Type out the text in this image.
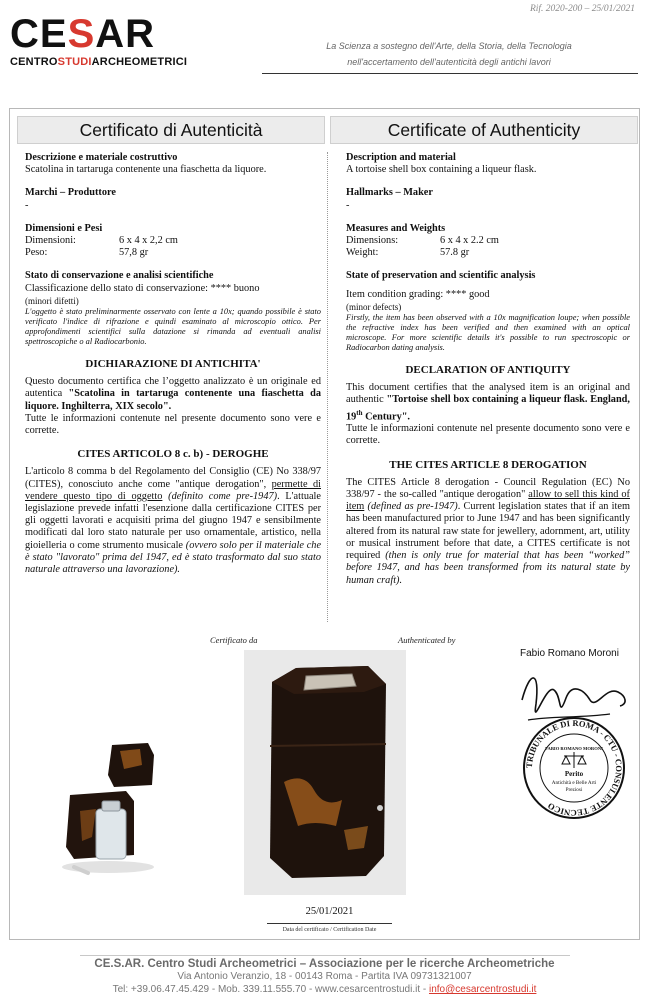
Rif. 2020-200 – 25/01/2021
CESAR
CENTROSTUDIARCHEOMETRICI
La Scienza a sostegno dell'Arte, della Storia, della Tecnologia
nell'accertamento dell'autenticità degli antichi lavori
Certificato di Autenticità	Certificate of Authenticity
Descrizione e materiale costruttivo
Scatolina in tartaruga contenente una fiaschetta da liquore.
Marchi – Produttore
-
Dimensioni e Pesi
Dimensioni:	6 x 4 x 2,2 cm
Peso:	57,8 gr
Stato di conservazione e analisi scientifiche
Classificazione dello stato di conservazione: **** buono
(minori difetti)
L'oggetto è stato preliminarmente osservato con lente a 10x; quando possibile è stato verificato l'indice di rifrazione e quindi esaminato al microscopio ottico. Per approfondimenti scientifici sulla datazione si rimanda ad eventuali analisi spettroscopiche o al Radiocarbonio.
DICHIARAZIONE DI ANTICHITA'
Questo documento certifica che l’oggetto analizzato è un originale ed autentica "Scatolina in tartaruga contenente una fiaschetta da liquore. Inghilterra, XIX secolo".
Tutte le informazioni contenute nel presente documento sono vere e corrette.
CITES ARTICOLO 8 c. b) - DEROGHE
L'articolo 8 comma b del Regolamento del Consiglio (CE) No 338/97 (CITES), conosciuto anche come "antique derogation", permette di vendere questo tipo di oggetto (definito come pre-1947). L'attuale legislazione prevede infatti l'esenzione dalla certificazione CITES per gli oggetti lavorati e acquisiti prima del giugno 1947 e sensibilmente modificati dal loro stato naturale per uso ornamentale, artistico, nella gioielleria o come strumento musicale (ovvero solo per il materiale che è stato "lavorato" prima del 1947, ed è stato trasformato dal suo stato naturale attraverso una lavorazione).
Description and material
A tortoise shell box containing a liqueur flask.
Hallmarks – Maker
-
Measures and Weights
Dimensions:	6 x 4 x 2.2 cm
Weight:	57.8 gr
State of preservation and scientific analysis
Item condition grading: **** good
(minor defects)
Firstly, the item has been observed with a 10x magnification loupe; when possible the refractive index has been verified and then examined with an optical microscope. For more scientific details it's possible to run spectroscopic or Radiocarbon dating analysis.
DECLARATION OF ANTIQUITY
This document certifies that the analysed item is an original and authentic "Tortoise shell box containing a liqueur flask. England, 19th Century".
Tutte le informazioni contenute nel presente documento sono vere e corrette.
THE CITES ARTICLE 8 DEROGATION
The CITES Article 8 derogation - Council Regulation (EC) No 338/97 - the so-called "antique derogation" allow to sell this kind of item (defined as pre-1947). Current legislation states that if an item has been manufactured prior to June 1947 and has been significantly altered from its natural raw state for jewellery, adornment, art, utility or musical instrument before that date, a CITES certificate is not required (then is only true for material that has been “worked” before 1947, and has been transformed from its natural state by human craft).
Certificato da	Authenticated by
Fabio Romano Moroni
TRIBUNALE DI ROMA - CTU - CONSULENTE TECNICO
FABIO ROMANO MORONI
Perito
Antichità e Belle Arti
Preziosi
25/01/2021
Data del certificato / Certification Date
CE.S.AR. Centro Studi Archeometrici – Associazione per le ricerche Archeometriche
Via Antonio Veranzio, 18 - 00143 Roma - Partita IVA 09731321007
Tel: +39.06.47.45.429 - Mob. 339.11.555.70 - www.cesarcentrostudi.it - info@cesarcentrostudi.it
